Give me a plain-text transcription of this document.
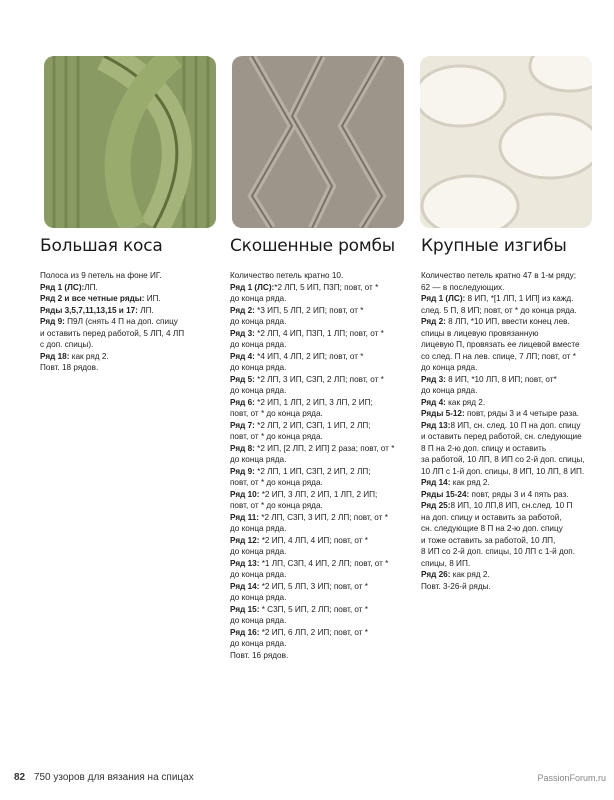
Большая коса

Полоса из 9 петель на фоне ИГ.

Ряд 1 (ЛС):ЛП.

Ряд 2 и все четные ряды: ИП.

Ряды 3,5,7,11,13,15 и 17: ЛП.

Ряд 9: П9Л (снять 4 П на доп. спицу
и оставить перед работой, 5 ЛП, 4 ЛП
с доп. спицы).

Ряд 18: как ряд 2.

Повт. 18 рядов.

Скошенные ромбы

Количество петель кратно 10.

Ряд 1 (ЛС):*2 ЛП, 5 ИП, П3П; повт, от *
до конца ряда.

Ряд 2: *3 ИП, 5 ЛП, 2 ИП; повт, от *
до конца ряда.

Ряд 3: *2 ЛП, 4 ИП, П3П, 1 ЛП; повт, от *
до конца ряда.

Ряд 4: *4 ИП, 4 ЛП, 2 ИП; повт, от *
до конца ряда.

Ряд 5: *2 ЛП, 3 ИП, С3П, 2 ЛП; повт, от *
до конца ряда.

Ряд 6: *2 ИП, 1 ЛП, 2 ИП, 3 ЛП, 2 ИП;
повт, от * до конца ряда.

Ряд 7: *2 ЛП, 2 ИП, С3П, 1 ИП, 2 ЛП;
повт, от * до конца ряда.

Ряд 8: *2 ИП, [2 ЛП, 2 ИП] 2 раза; повт, от *
до конца ряда.

Ряд 9: *2 ЛП, 1 ИП, С3П, 2 ИП, 2 ЛП;
повт, от * до конца ряда.

Ряд 10: *2 ИП, 3 ЛП, 2 ИП, 1 ЛП, 2 ИП;
повт, от * до конца ряда.

Ряд 11: *2 ЛП, С3П, 3 ИП, 2 ЛП; повт, от *
до конца ряда.

Ряд 12: *2 ИП, 4 ЛП, 4 ИП; повт, от *
до конца ряда.

Ряд 13: *1 ЛП, С3П, 4 ИП, 2 ЛП; повт, от *
до конца ряда.

Ряд 14: *2 ИП, 5 ЛП, 3 ИП; повт, от *
до конца ряда.

Ряд 15: * С3П, 5 ИП, 2 ЛП; повт, от *
до конца ряда.

Ряд 16: *2 ИП, 6 ЛП, 2 ИП; повт, от *
до конца ряда.

Повт. 16 рядов.

Крупные изгибы

Количество петель кратно 47 в 1-м ряду;
62 — в последующих.

Ряд 1 (ЛС): 8 ИП, *[1 ЛП, 1 ИП] из кажд.
след. 5 П, 8 ИП; повт, от * до конца ряда.

Ряд 2: 8 ЛП, *10 ИП, ввести конец лев.
спицы в лицевую провязанную
лицевую П, провязать ее лицевой вместе
со след. П на лев. спице, 7 ЛП; повт, от *
до конца ряда.

Ряд 3: 8 ИП, *10 ЛП, 8 ИП; повт, от*
до конца ряда.

Ряд 4: как ряд 2.

Ряды 5-12: повт, ряды 3 и 4 четыре раза.

Ряд 13:8 ИП, сн. след. 10 П на доп. спицу
и оставить перед работой, сн. следующие
8 П на 2-ю доп. спицу и оставить
за работой, 10 ЛП, 8 ИП со 2-й доп. спицы,
10 ЛП с 1-й доп. спицы, 8 ИП, 10 ЛП, 8 ИП.

Ряд 14: как ряд 2.

Ряды 15-24: повт, ряды 3 и 4 пять раз.

Ряд 25:8 ИП, 10 ЛП,8 ИП, сн.след. 10 П
на доп. спицу и оставить за работой,
сн. следующие 8 П на 2-ю доп. спицу
и тоже оставить за работой, 10 ЛП,
8 ИП со 2-й доп. спицы, 10 ЛП с 1-й доп.
спицы, 8 ИП.

Ряд 26: как ряд 2.

Повт. 3-26-й ряды.

82 750 узоров для вязания на спицах	PassionForum.ru
